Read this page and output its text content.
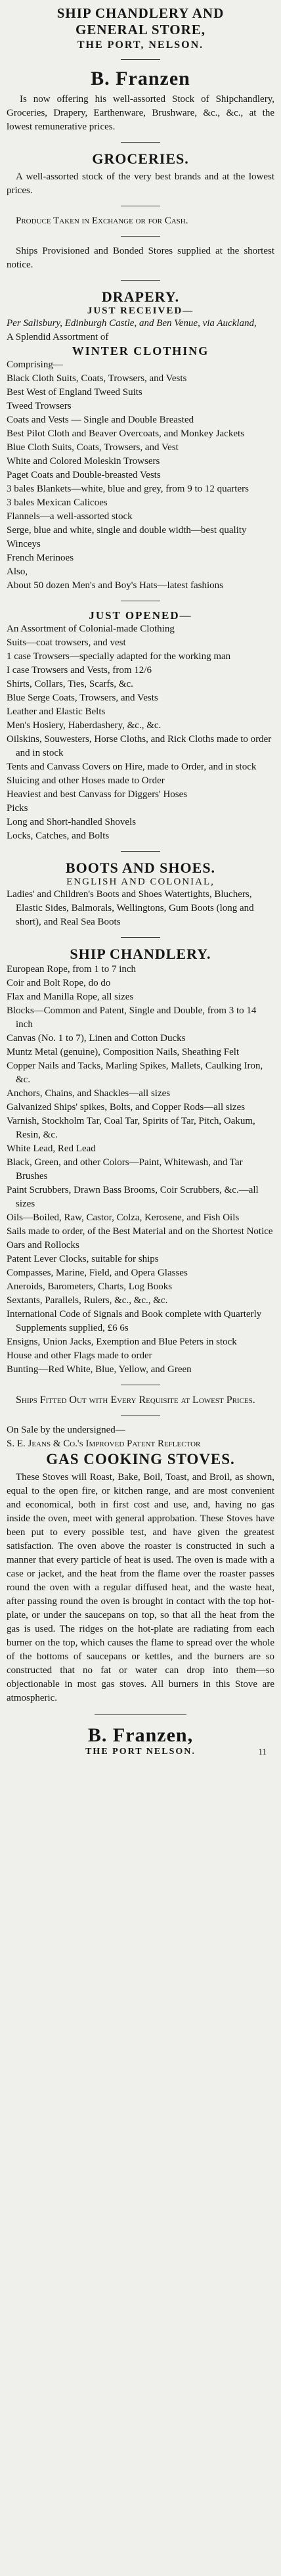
SHIP CHANDLERY AND

GENERAL STORE,

THE PORT, NELSON.

B. Franzen

Is now offering his well-assorted Stock of Shipchandlery, Groceries, Drapery, Earthenware, Brushware, &c., &c., at the lowest remunerative prices.

GROCERIES.

A well-assorted stock of the very best brands and at the lowest prices.

Produce Taken in Exchange or for Cash.

Ships Provisioned and Bonded Stores supplied at the shortest notice.

DRAPERY.

JUST RECEIVED—

Per Salisbury, Edinburgh Castle, and Ben Venue, via Auckland,

A Splendid Assortment of

WINTER CLOTHING

Comprising—

Black Cloth Suits, Coats, Trowsers, and Vests

Best West of England Tweed Suits

Tweed Trowsers

Coats and Vests — Single and Double Breasted

Best Pilot Cloth and Beaver Overcoats, and Monkey Jackets

Blue Cloth Suits, Coats, Trowsers, and Vest

White and Colored Moleskin Trowsers

Paget Coats and Double-breasted Vests

3 bales Blankets—white, blue and grey, from 9 to 12 quarters

3 bales Mexican Calicoes

Flannels—a well-assorted stock

Serge, blue and white, single and double width—best quality

Winceys

French Merinoes

Also,

About 50 dozen Men's and Boy's Hats—latest fashions

JUST OPENED—

An Assortment of Colonial-made Clothing

Suits—coat trowsers, and vest

1 case Trowsers—specially adapted for the working man

I case Trowsers and Vests, from 12/6

Shirts, Collars, Ties, Scarfs, &c.

Blue Serge Coats, Trowsers, and Vests

Leather and Elastic Belts

Men's Hosiery, Haberdashery, &c., &c.

Oilskins, Souwesters, Horse Cloths, and Rick Cloths made to order and in stock

Tents and Canvass Covers on Hire, made to Order, and in stock

Sluicing and other Hoses made to Order

Heaviest and best Canvass for Diggers' Hoses

Picks

Long and Short-handled Shovels

Locks, Catches, and Bolts

BOOTS AND SHOES.

ENGLISH AND COLONIAL,

Ladies' and Children's Boots and Shoes Watertights, Bluchers, Elastic Sides, Balmorals, Wellingtons, Gum Boots (long and short), and Real Sea Boots

SHIP CHANDLERY.

European Rope, from 1 to 7 inch

Coir and Bolt Rope, do do

Flax and Manilla Rope, all sizes

Blocks—Common and Patent, Single and Double, from 3 to 14 inch

Canvas (No. 1 to 7), Linen and Cotton Ducks

Muntz Metal (genuine), Composition Nails, Sheathing Felt

Copper Nails and Tacks, Marling Spikes, Mallets, Caulking Iron, &c.

Anchors, Chains, and Shackles—all sizes

Galvanized Ships' spikes, Bolts, and Copper Rods—all sizes

Varnish, Stockholm Tar, Coal Tar, Spirits of Tar, Pitch, Oakum, Resin, &c.

White Lead, Red Lead

Black, Green, and other Colors—Paint, Whitewash, and Tar Brushes

Paint Scrubbers, Drawn Bass Brooms, Coir Scrubbers, &c.—all sizes

Oils—Boiled, Raw, Castor, Colza, Kerosene, and Fish Oils

Sails made to order, of the Best Material and on the Shortest Notice

Oars and Rollocks

Patent Lever Clocks, suitable for ships

Compasses, Marine, Field, and Opera Glasses

Aneroids, Barometers, Charts, Log Books

Sextants, Parallels, Rulers, &c., &c., &c.

International Code of Signals and Book complete with Quarterly Supplements supplied, £6 6s

Ensigns, Union Jacks, Exemption and Blue Peters in stock

House and other Flags made to order

Bunting—Red White, Blue, Yellow, and Green

Ships Fitted Out with Every Requisite at Lowest Prices.

On Sale by the undersigned—

S. E. Jeans & Co.'s Improved Patent Reflector

GAS COOKING STOVES.

These Stoves will Roast, Bake, Boil, Toast, and Broil, as shown, equal to the open fire, or kitchen range, and are most convenient and economical, both in first cost and use, and, having no gas inside the oven, meet with general approbation. These Stoves have been put to every possible test, and have given the greatest satisfaction. The oven above the roaster is constructed in such a manner that every particle of heat is used. The oven is made with a case or jacket, and the heat from the flame over the roaster passes round the oven with a regular diffused heat, and the waste heat, after passing round the oven is brought in contact with the top hot-plate, or under the saucepans on top, so that all the heat from the gas is used. The ridges on the hot-plate are radiating from each burner on the top, which causes the flame to spread over the whole of the bottoms of saucepans or kettles, and the burners are so constructed that no fat or water can drop into them—so objectionable in most gas stoves. All burners in this Stove are atmospheric.

B. Franzen,

THE PORT NELSON.	11
